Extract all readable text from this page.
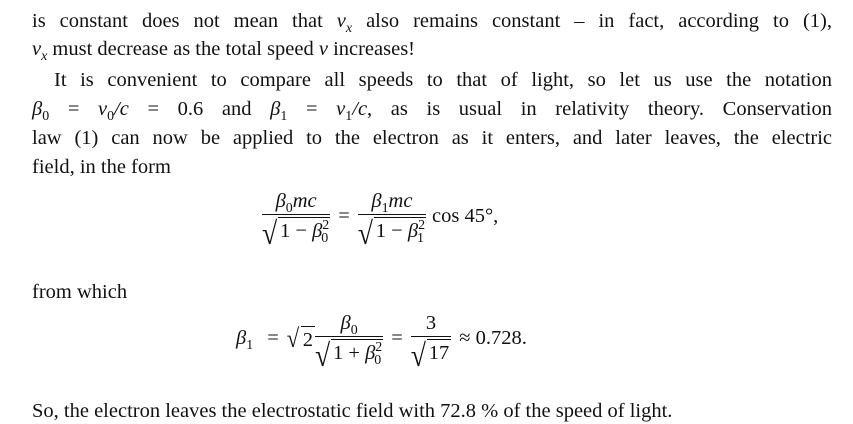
is constant does not mean that $v_x$ also remains constant – in fact, according to (1),
$v_x$ must decrease as the total speed v increases!
It is convenient to compare all speeds to that of light, so let us use the notation
$\beta_0 = v_0/c = 0.6$ and $\beta_1 = v_1/c$, as is usual in relativity theory. Conservation
law (1) can now be applied to the electron as it enters, and later leaves, the electric
field, in the form
$\frac{\beta_0mc}{√ 1 - \beta^2_0} = \frac{\beta_1mc}{√ 1 - \beta^2_1}$ cos 45°,
from which
$\beta_1$ = √ $2 \frac{\beta_0}{√ 1 + \beta^2_0} = \frac{3}{√ 17} \approx 0.728$.
So, the electron leaves the electrostatic field with 72.8 % of the speed of light.
